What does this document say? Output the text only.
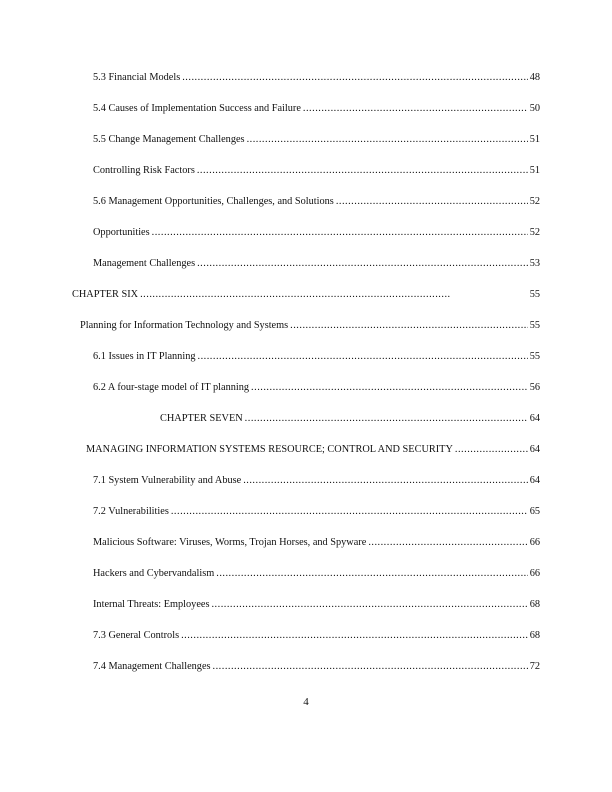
5.3 Financial Models .....	48
5.4 Causes of Implementation Success and Failure .....	50
5.5 Change Management Challenges .....	51
Controlling Risk Factors .....	51
5.6 Management Opportunities, Challenges, and Solutions .....	52
Opportunities .....	52
Management Challenges .....	53
CHAPTER SIX .....	55
Planning for Information Technology and Systems .....	55
6.1 Issues in IT Planning .....	55
6.2 A four-stage model of IT planning .....	56
CHAPTER SEVEN .....	64
MANAGING INFORMATION SYSTEMS RESOURCE; CONTROL AND SECURITY .....	64
7.1 System Vulnerability and Abuse .....	64
7.2 Vulnerabilities .....	65
Malicious Software: Viruses, Worms, Trojan Horses, and Spyware .....	66
Hackers and Cybervandalism .....	66
Internal Threats: Employees .....	68
7.3 General Controls .....	68
7.4 Management Challenges .....	72
4
